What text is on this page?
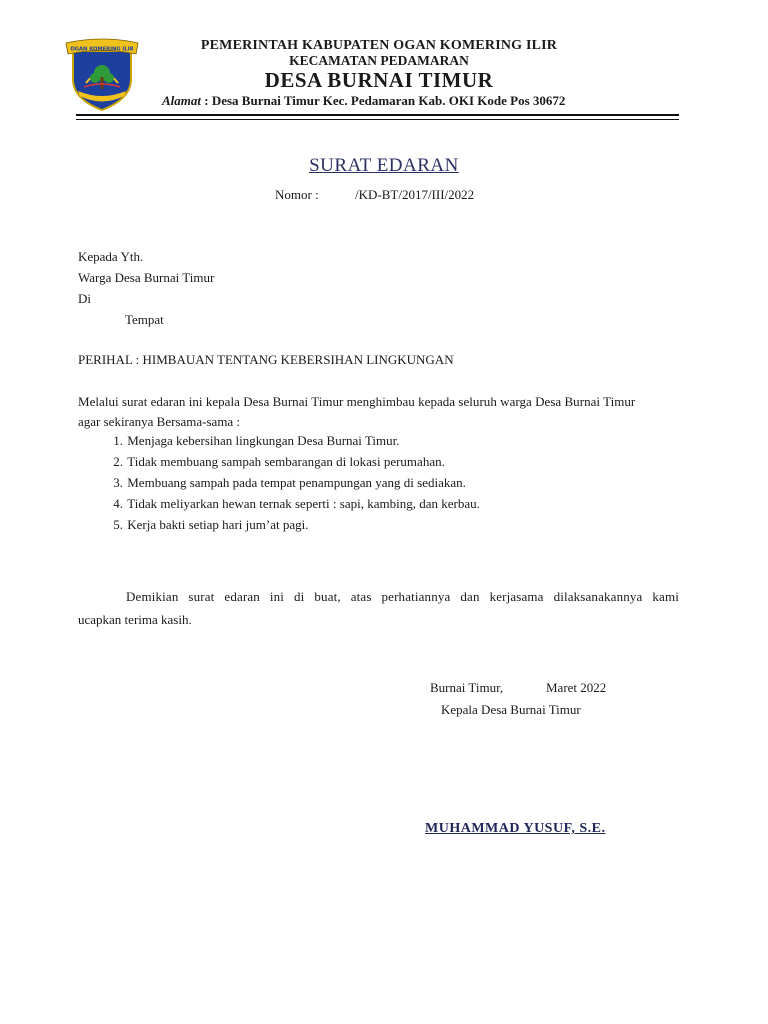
OGAN KOMERING ILIR	PEMERINTAH KABUPATEN OGAN KOMERING ILIR
KECAMATAN PEDAMARAN
DESA BURNAI TIMUR
Alamat : Desa Burnai Timur Kec. Pedamaran Kab. OKI Kode Pos 30672
SURAT EDARAN
Nomor :	/KD-BT/2017/III/2022
Kepada Yth.
Warga Desa Burnai Timur
Di
Tempat
PERIHAL : HIMBAUAN TENTANG KEBERSIHAN LINGKUNGAN
Melalui surat edaran ini kepala Desa Burnai Timur menghimbau kepada seluruh warga Desa Burnai Timur
agar sekiranya Bersama-sama :
1. Menjaga kebersihan lingkungan Desa Burnai Timur.
2. Tidak membuang sampah sembarangan di lokasi perumahan.
3. Membuang sampah pada tempat penampungan yang di sediakan.
4. Tidak meliyarkan hewan ternak seperti : sapi, kambing, dan kerbau.
5. Kerja bakti setiap hari jum’at pagi.
Demikian surat edaran ini di buat, atas perhatiannya dan kerjasama dilaksanakannya kami
ucapkan terima kasih.
Burnai Timur,	Maret 2022
Kepala Desa Burnai Timur
MUHAMMAD YUSUF, S.E.
